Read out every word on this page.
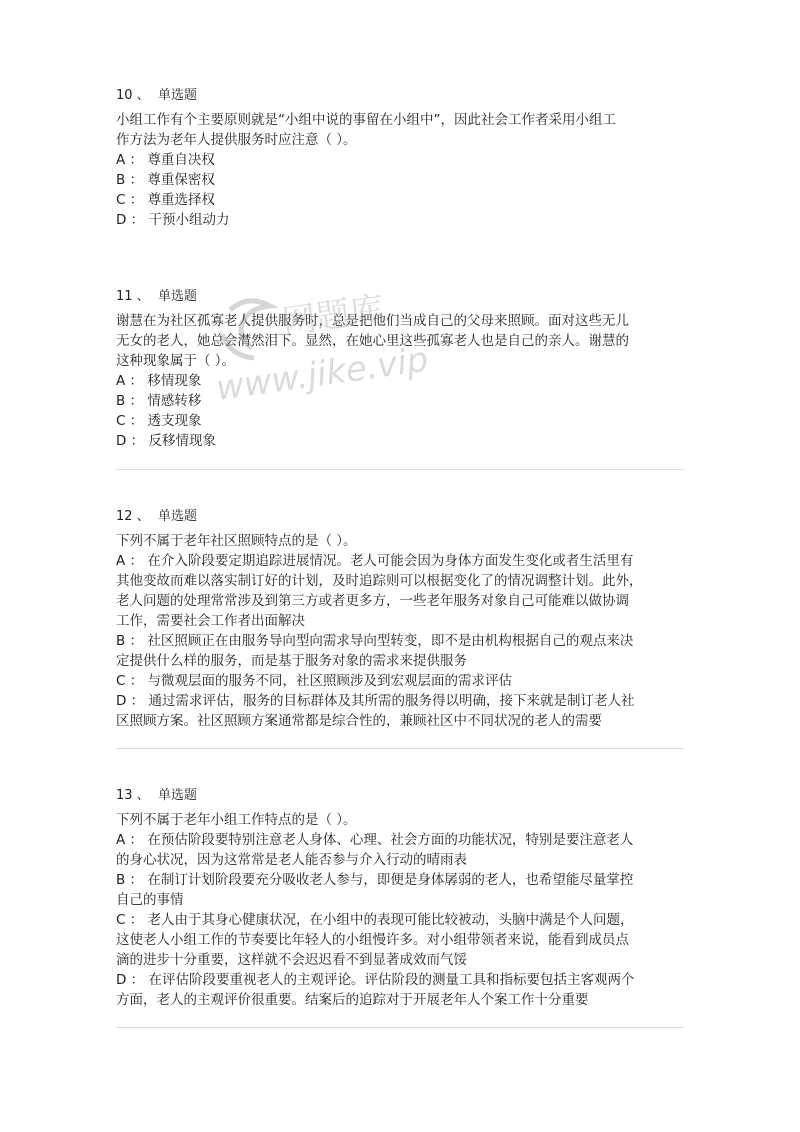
10 、  单选题
小组工作有个主要原则就是“小组中说的事留在小组中”，因此社会工作者采用小组工
作方法为老年人提供服务时应注意（ ）。
A ： 尊重自决权
B ： 尊重保密权
C ： 尊重选择权
D ： 干预小组动力
11 、  单选题
谢慧在为社区孤寡老人提供服务时，总是把他们当成自己的父母来照顾。面对这些无儿
无女的老人，她总会潸然泪下。显然，在她心里这些孤寡老人也是自己的亲人。谢慧的
这种现象属于（ ）。
A ： 移情现象
B ： 情感转移
C ： 透支现象
D ： 反移情现象
12 、  单选题
下列不属于老年社区照顾特点的是（ ）。
A ： 在介入阶段要定期追踪进展情况。老人可能会因为身体方面发生变化或者生活里有
其他变故而难以落实制订好的计划，及时追踪则可以根据变化了的情况调整计划。此外，
老人问题的处理常常涉及到第三方或者更多方，一些老年服务对象自己可能难以做协调
工作，需要社会工作者出面解决
B ： 社区照顾正在由服务导向型向需求导向型转变，即不是由机构根据自己的观点来决
定提供什么样的服务，而是基于服务对象的需求来提供服务
C ： 与微观层面的服务不同，社区照顾涉及到宏观层面的需求评估
D ： 通过需求评估，服务的目标群体及其所需的服务得以明确，接下来就是制订老人社
区照顾方案。社区照顾方案通常都是综合性的，兼顾社区中不同状况的老人的需要
13 、  单选题
下列不属于老年小组工作特点的是（ ）。
A ： 在预估阶段要特别注意老人身体、心理、社会方面的功能状况，特别是要注意老人
的身心状况，因为这常常是老人能否参与介入行动的晴雨表
B ： 在制订计划阶段要充分吸收老人参与，即便是身体孱弱的老人，也希望能尽量掌控
自己的事情
C ： 老人由于其身心健康状况，在小组中的表现可能比较被动，头脑中满是个人问题，
这使老人小组工作的节奏要比年轻人的小组慢许多。对小组带领者来说，能看到成员点
滴的进步十分重要，这样就不会迟迟看不到显著成效而气馁
D ： 在评估阶段要重视老人的主观评论。评估阶段的测量工具和指标要包括主客观两个
方面，老人的主观评价很重要。结案后的追踪对于开展老年人个案工作十分重要
网题库
www.jike.vip
